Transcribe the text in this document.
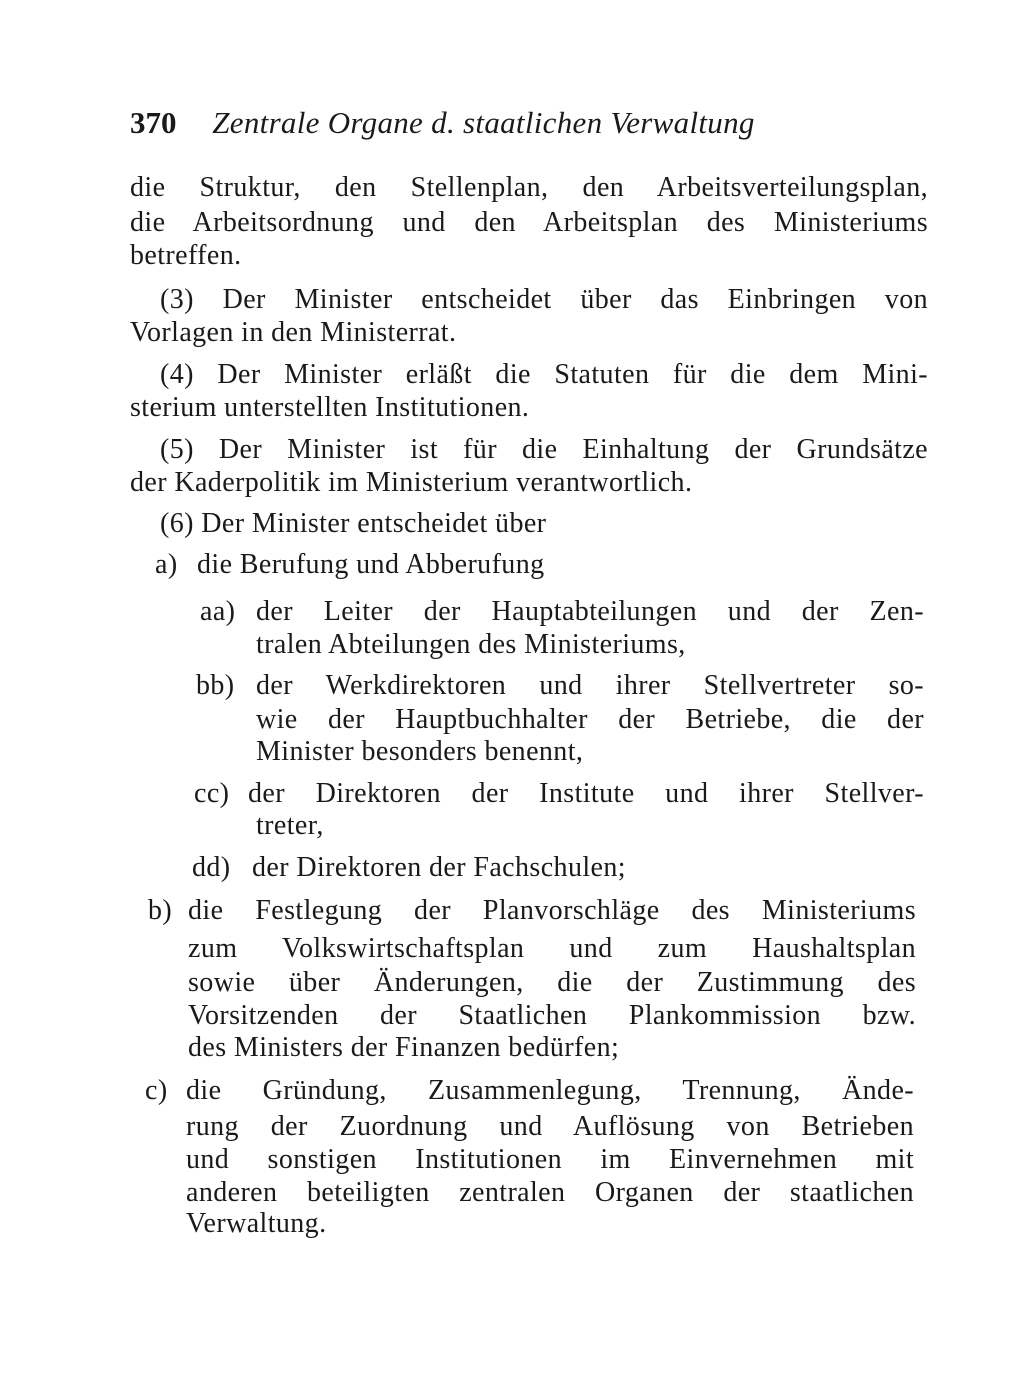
370 Zentrale Organe d. staatlichen Verwaltung
die Struktur, den Stellenplan, den Arbeitsverteilungsplan,
die Arbeitsordnung und den Arbeitsplan des Ministeriums
betreffen.
(3) Der Minister entscheidet über das Einbringen von
Vorlagen in den Ministerrat.
(4) Der Minister erläßt die Statuten für die dem Mini-
sterium unterstellten Institutionen.
(5) Der Minister ist für die Einhaltung der Grundsätze
der Kaderpolitik im Ministerium verantwortlich.
(6) Der Minister entscheidet über
a) die Berufung und Abberufung
aa) der Leiter der Hauptabteilungen und der Zen-
tralen Abteilungen des Ministeriums,
bb) der Werkdirektoren und ihrer Stellvertreter so-
wie der Hauptbuchhalter der Betriebe, die der
Minister besonders benennt,
cc) der Direktoren der Institute und ihrer Stellver-
treter,
dd) der Direktoren der Fachschulen;
b) die Festlegung der Planvorschläge des Ministeriums
zum Volkswirtschaftsplan und zum Haushaltsplan
sowie über Änderungen, die der Zustimmung des
Vorsitzenden der Staatlichen Plankommission bzw.
des Ministers der Finanzen bedürfen;
c) die Gründung, Zusammenlegung, Trennung, Ände-
rung der Zuordnung und Auflösung von Betrieben
und sonstigen Institutionen im Einvernehmen mit
anderen beteiligten zentralen Organen der staatlichen
Verwaltung.
